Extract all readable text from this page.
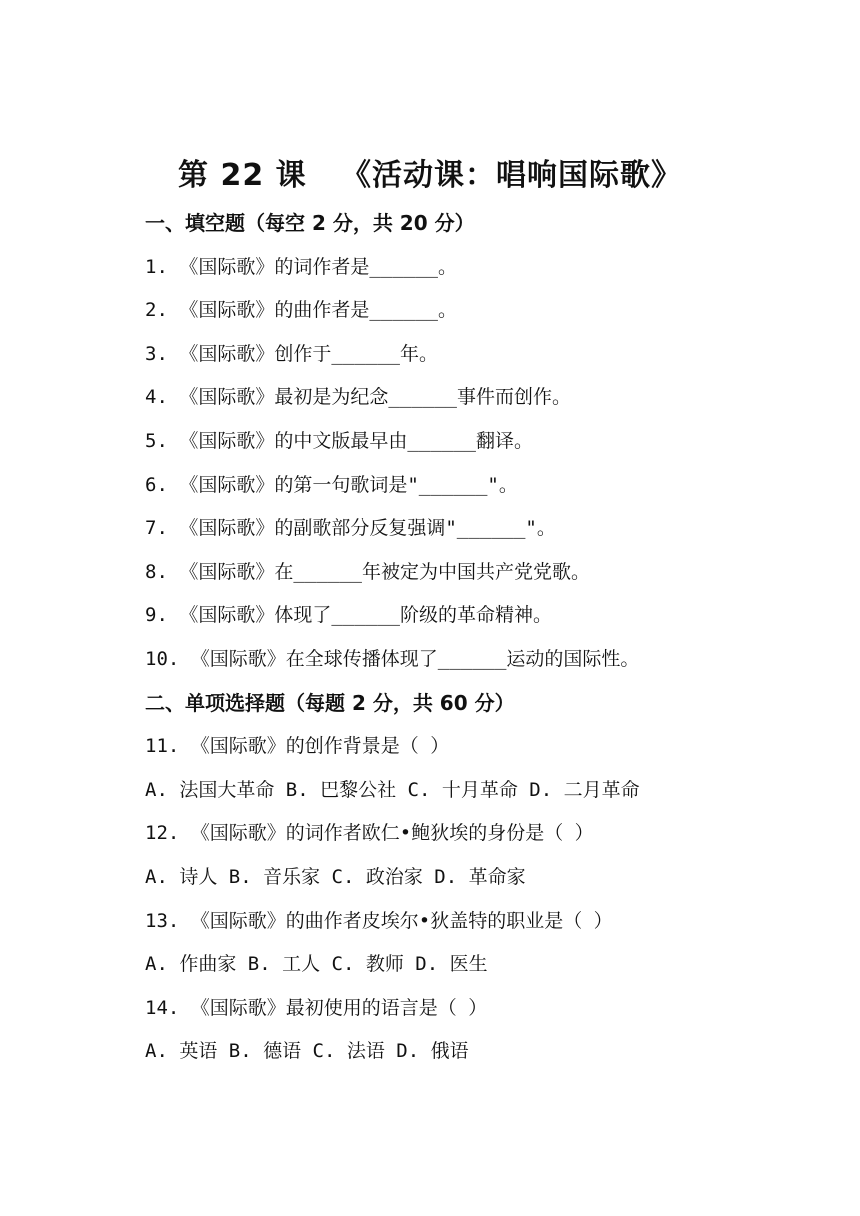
第 22 课   《活动课：唱响国际歌》
一、填空题（每空 2 分，共 20 分）
1. 《国际歌》的词作者是______。
2. 《国际歌》的曲作者是______。
3. 《国际歌》创作于______年。
4. 《国际歌》最初是为纪念______事件而创作。
5. 《国际歌》的中文版最早由______翻译。
6. 《国际歌》的第一句歌词是"______"。
7. 《国际歌》的副歌部分反复强调"______"。
8. 《国际歌》在______年被定为中国共产党党歌。
9. 《国际歌》体现了______阶级的革命精神。
10. 《国际歌》在全球传播体现了______运动的国际性。
二、单项选择题（每题 2 分，共 60 分）
11. 《国际歌》的创作背景是（ ）
A. 法国大革命 B. 巴黎公社 C. 十月革命 D. 二月革命
12. 《国际歌》的词作者欧仁•鲍狄埃的身份是（ ）
A. 诗人 B. 音乐家 C. 政治家 D. 革命家
13. 《国际歌》的曲作者皮埃尔•狄盖特的职业是（ ）
A. 作曲家 B. 工人 C. 教师 D. 医生
14. 《国际歌》最初使用的语言是（ ）
A. 英语 B. 德语 C. 法语 D. 俄语
